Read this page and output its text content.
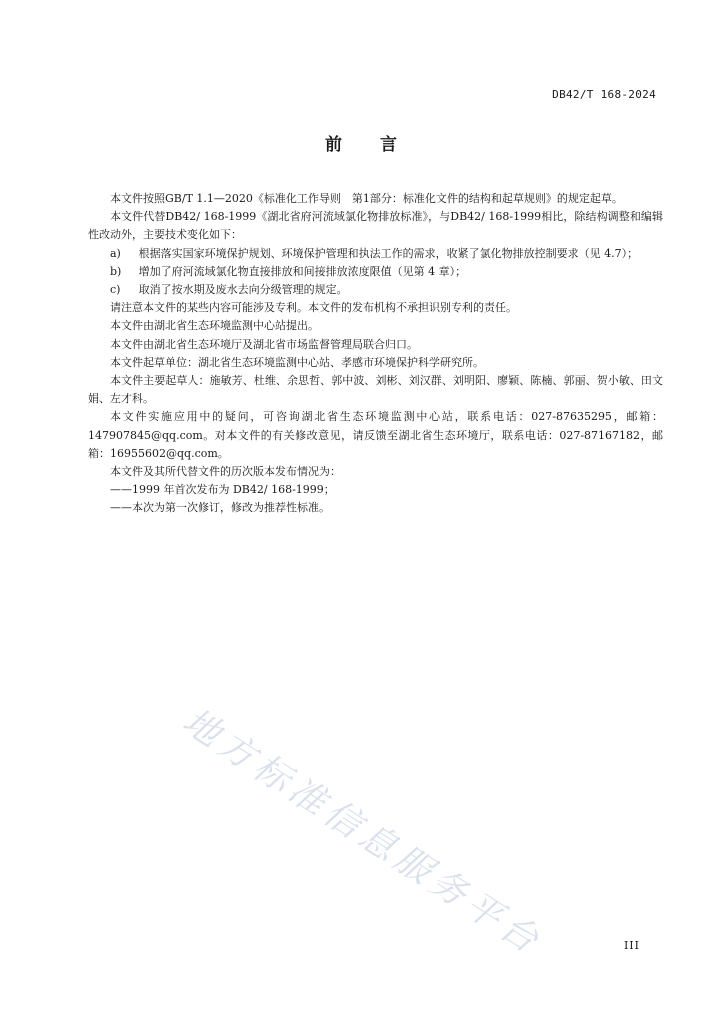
DB42/T 168-2024
前 言

本文件按照GB/T 1.1—2020《标准化工作导则　第1部分：标准化文件的结构和起草规则》的规定起草。

本文件代替DB42/ 168-1999《湖北省府河流域氯化物排放标准》，与DB42/ 168-1999相比，除结构调整和编辑性改动外，主要技术变化如下：

a)	根据落实国家环境保护规划、环境保护管理和执法工作的需求，收紧了氯化物排放控制要求（见 4.7）；
b)	增加了府河流域氯化物直接排放和间接排放浓度限值（见第 4 章）；
c)	取消了按水期及废水去向分级管理的规定。

请注意本文件的某些内容可能涉及专利。本文件的发布机构不承担识别专利的责任。

本文件由湖北省生态环境监测中心站提出。

本文件由湖北省生态环境厅及湖北省市场监督管理局联合归口。

本文件起草单位：湖北省生态环境监测中心站、孝感市环境保护科学研究所。

本文件主要起草人：施敏芳、杜维、余思哲、郭中波、刘彬、刘汉群、刘明阳、廖颖、陈楠、郭丽、贺小敏、田文娟、左才科。

本文件实施应用中的疑问，可咨询湖北省生态环境监测中心站，联系电话：027-87635295，邮箱：147907845@qq.com。对本文件的有关修改意见，请反馈至湖北省生态环境厅，联系电话：027-87167182，邮箱：16955602@qq.com。

本文件及其所代替文件的历次版本发布情况为：

——1999 年首次发布为 DB42/ 168-1999；

——本次为第一次修订，修改为推荐性标准。

地方标准信息服务平台	III
